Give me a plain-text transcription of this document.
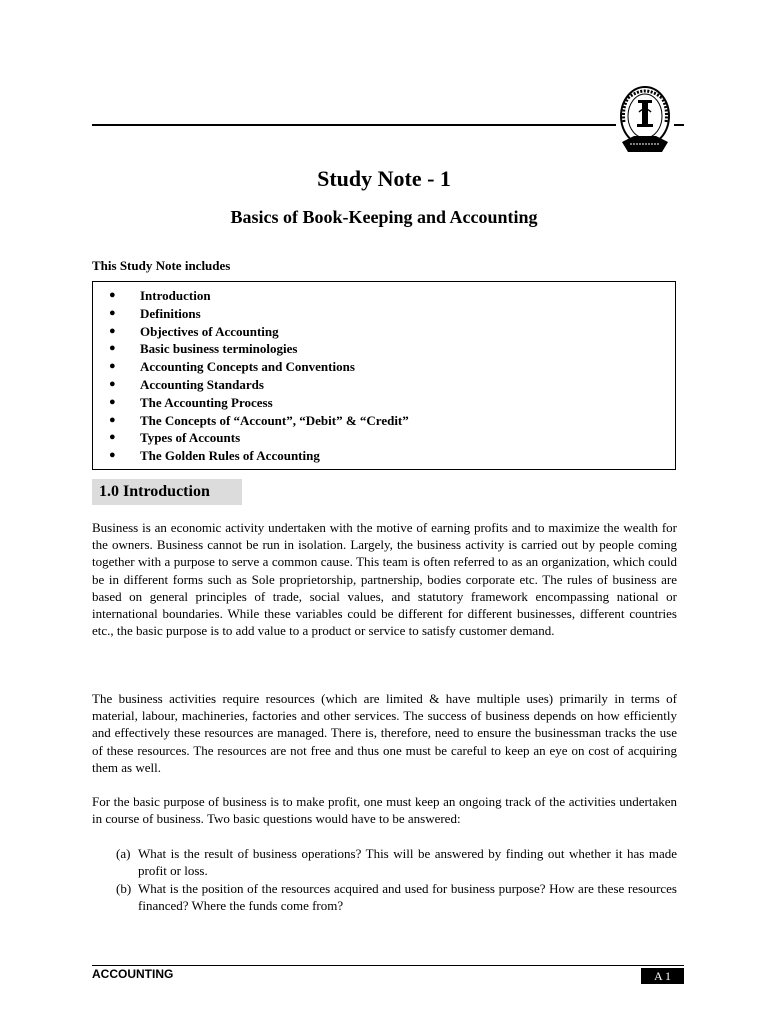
Study Note - 1
Basics of Book-Keeping and Accounting
This Study Note includes
●	Introduction
●	Definitions
●	Objectives of Accounting
●	Basic business terminologies
●	Accounting Concepts and Conventions
●	Accounting Standards
●	The Accounting Process
●	The Concepts of “Account”, “Debit” & “Credit”
●	Types of Accounts
●	The Golden Rules of Accounting
1.0 Introduction

Business is an economic activity undertaken with the motive of earning profits and to maximize the wealth for the owners. Business cannot be run in isolation. Largely, the business activity is carried out by people coming together with a purpose to serve a common cause. This team is often referred to as an organization, which could be in different forms such as Sole proprietorship, partnership, bodies corporate etc. The rules of business are based on general principles of trade, social values, and statutory framework encompassing national or international boundaries. While these variables could be different for different businesses, different countries etc., the basic purpose is to add value to a product or service to satisfy customer demand.

The business activities require resources (which are limited & have multiple uses) primarily in terms of material, labour, machineries, factories and other services. The success of business depends on how efficiently and effectively these resources are managed. There is, therefore, need to ensure the businessman tracks the use of these resources. The resources are not free and thus one must be careful to keep an eye on cost of acquiring them as well.

For the basic purpose of business is to make profit, one must keep an ongoing track of the activities undertaken in course of business. Two basic questions would have to be answered:

(a) What is the result of business operations? This will be answered by finding out whether it has made profit or loss.
(b) What is the position of the resources acquired and used for business purpose? How are these resources financed? Where the funds come from?
ACCOUNTING	A 1
